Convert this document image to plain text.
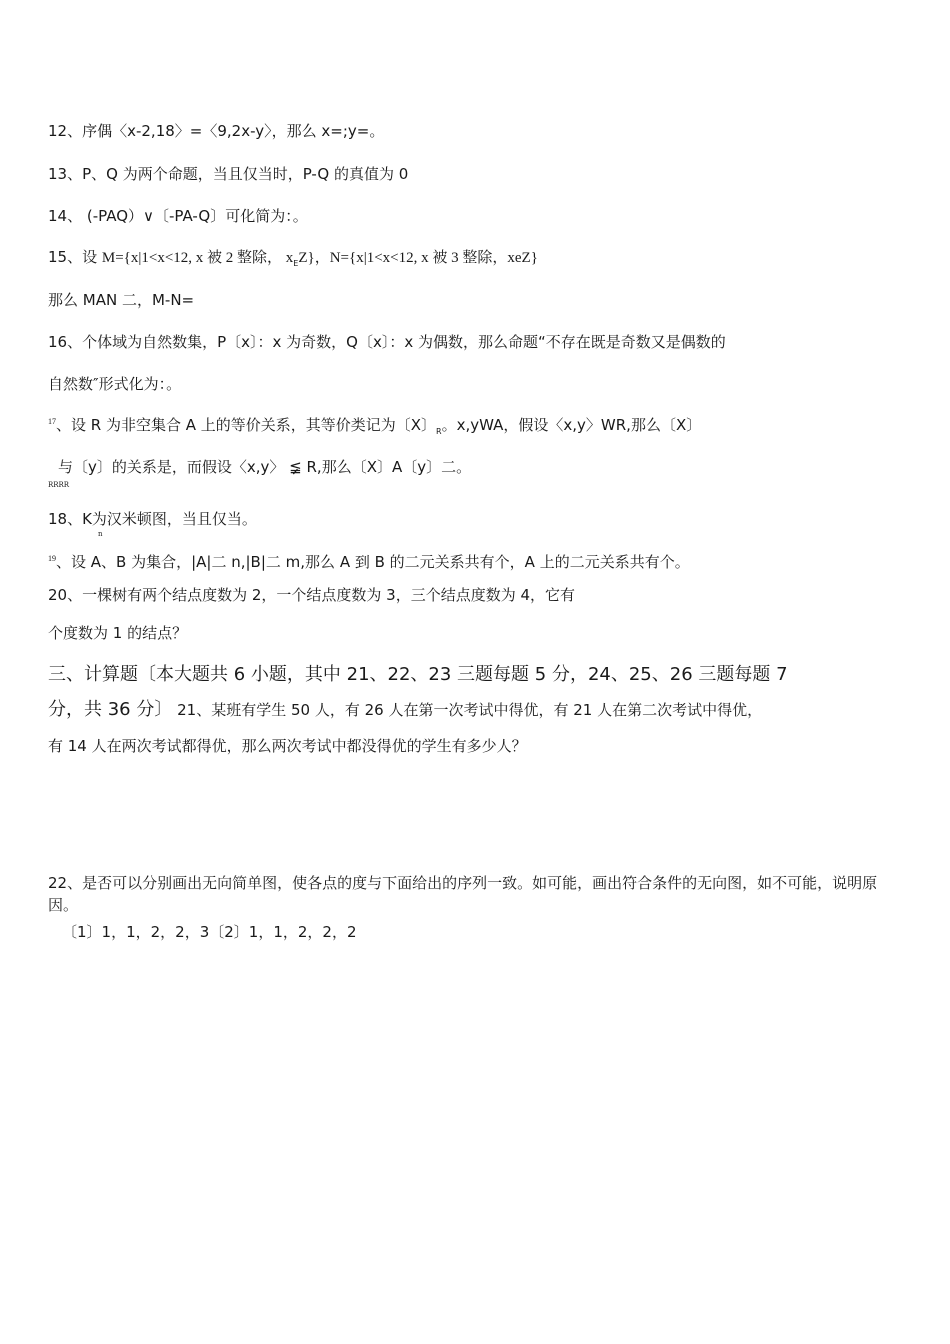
12、序偶〈x-2,18〉=〈9,2x-y〉，那么 x=;y=。
13、P、Q 为两个命题，当且仅当时，P-Q 的真值为 0
14、 (-PAQ）∨〔-PA-Q〕可化简为：。
15、设 M={x|1<x<12, x 被 2 整除， $x_EZ$}，N={x|1<x<12, x 被 3 整除，xeZ}
那么 MAN 二，M-N=
16、个体域为自然数集，P〔x〕：x 为奇数，Q〔x〕：x 为偶数，那么命题“不存在既是奇数又是偶数的
自然数″形式化为：。
$^{17}$、设 R 为非空集合 A 上的等价关系，其等价类记为〔X〕$_R$。x,yWA，假设〈x,y〉WR,那么〔X〕
与〔y〕的关系是，而假设〈x,y〉 ≨ R,那么〔X〕A〔y〕二。
RRRR
18、K为汉米顿图，当且仅当。
n
$^{19}$、设 A、B 为集合，|A|二 n,|B|二 m,那么 A 到 B 的二元关系共有个，A 上的二元关系共有个。
20、一棵树有两个结点度数为 2，一个结点度数为 3，三个结点度数为 4，它有
个度数为 1 的结点？
三、计算题〔本大题共 6 小题，其中 21、22、23 三题每题 5 分，24、25、26 三题每题 7
分，共 36 分〕 21、某班有学生 50 人，有 26 人在第一次考试中得优，有 21 人在第二次考试中得优，
有 14 人在两次考试都得优，那么两次考试中都没得优的学生有多少人？
22、是否可以分别画出无向简单图，使各点的度与下面给出的序列一致。如可能，画出符合条件的无向图，如不可能，说明原因。
〔1〕1，1，2，2，3〔2〕1，1，2，2，2
